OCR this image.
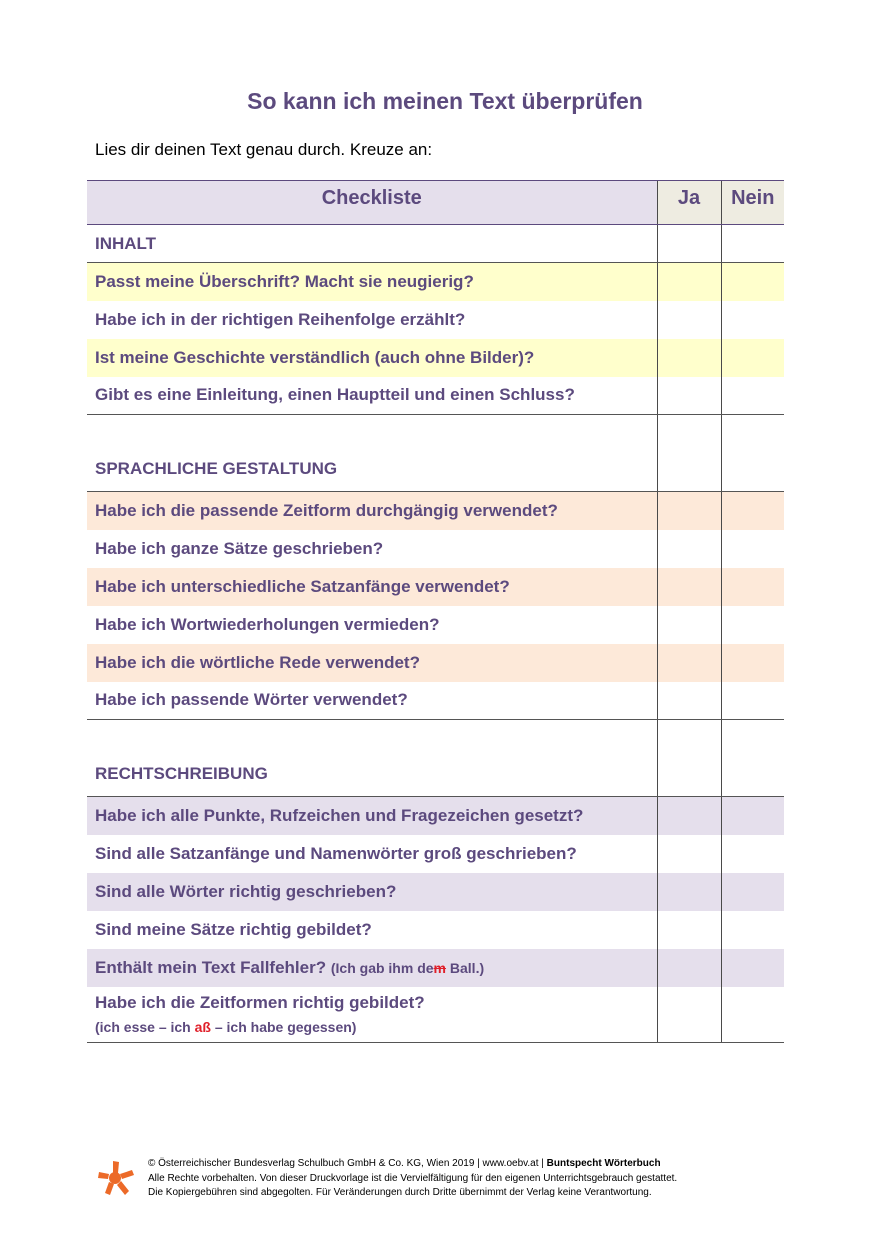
So kann ich meinen Text überprüfen
Lies dir deinen Text genau durch. Kreuze an:
Checkliste	Ja	Nein
INHALT		
Passt meine Überschrift? Macht sie neugierig?		
Habe ich in der richtigen Reihenfolge erzählt?		
Ist meine Geschichte verständlich (auch ohne Bilder)?		
Gibt es eine Einleitung, einen Hauptteil und einen Schluss?		
SPRACHLICHE GESTALTUNG		
Habe ich die passende Zeitform durchgängig verwendet?		
Habe ich ganze Sätze geschrieben?		
Habe ich unterschiedliche Satzanfänge verwendet?		
Habe ich Wortwiederholungen vermieden?		
Habe ich die wörtliche Rede verwendet?		
Habe ich passende Wörter verwendet?		
RECHTSCHREIBUNG		
Habe ich alle Punkte, Rufzeichen und Fragezeichen gesetzt?		
Sind alle Satzanfänge und Namenwörter groß geschrieben?		
Sind alle Wörter richtig geschrieben?		
Sind meine Sätze richtig gebildet?		
Enthält mein Text Fallfehler? (Ich gab ihm dem Ball.)		
Habe ich die Zeitformen richtig gebildet?
(ich esse – ich aß – ich habe gegessen)		

© Österreichischer Bundesverlag Schulbuch GmbH & Co. KG, Wien 2019 | www.oebv.at | Buntspecht Wörterbuch
Alle Rechte vorbehalten. Von dieser Druckvorlage ist die Vervielfältigung für den eigenen Unterrichtsgebrauch gestattet.
Die Kopiergebühren sind abgegolten. Für Veränderungen durch Dritte übernimmt der Verlag keine Verantwortung.
